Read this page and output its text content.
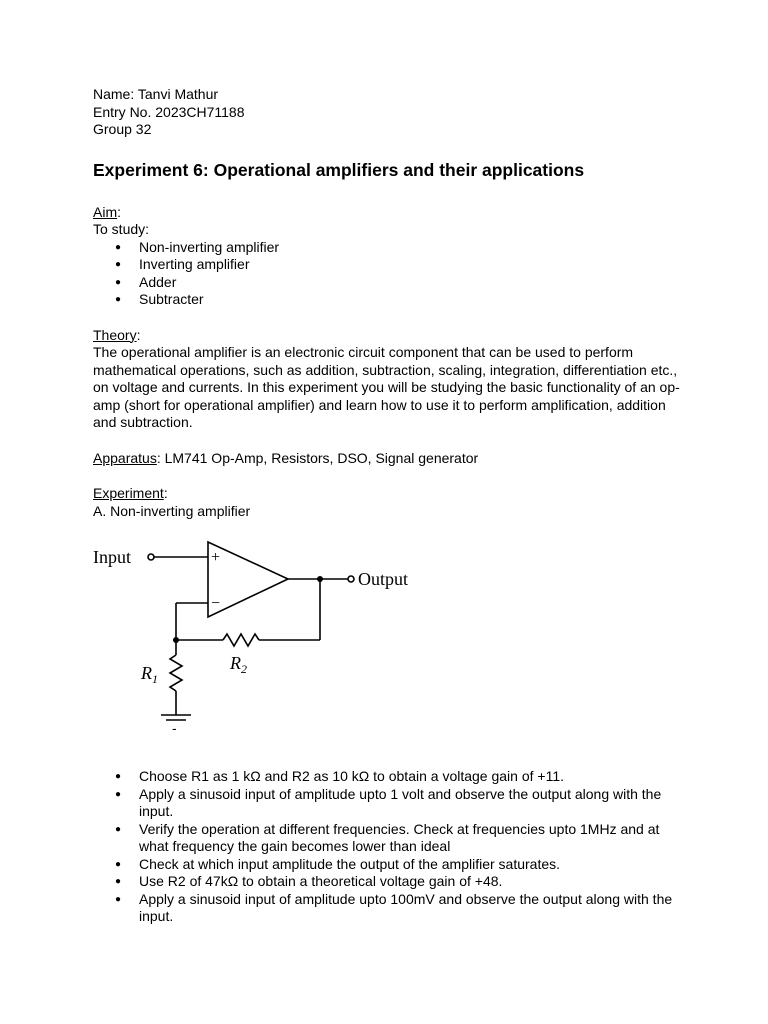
Name: Tanvi Mathur

Entry No. 2023CH71188

Group 32

Experiment 6: Operational amplifiers and their applications

Aim:

To study:

● Non-inverting amplifier
● Inverting amplifier
● Adder
● Subtracter

Theory:

The operational amplifier is an electronic circuit component that can be used to perform mathematical operations, such as addition, subtraction, scaling, integration, differentiation etc., on voltage and currents. In this experiment you will be studying the basic functionality of an op-amp (short for operational amplifier) and learn how to use it to perform amplification, addition and subtraction.

Apparatus: LM741 Op-Amp, Resistors, DSO, Signal generator

Experiment:

A. Non-inverting amplifier

Input
Output
+
−
$R_2$
$R_1$
-
● Choose R1 as 1 kΩ and R2 as 10 kΩ to obtain a voltage gain of +11.
● Apply a sinusoid input of amplitude upto 1 volt and observe the output along with the input.
● Verify the operation at different frequencies. Check at frequencies upto 1MHz and at what frequency the gain becomes lower than ideal
● Check at which input amplitude the output of the amplifier saturates.
● Use R2 of 47kΩ to obtain a theoretical voltage gain of +48.
● Apply a sinusoid input of amplitude upto 100mV and observe the output along with the input.
